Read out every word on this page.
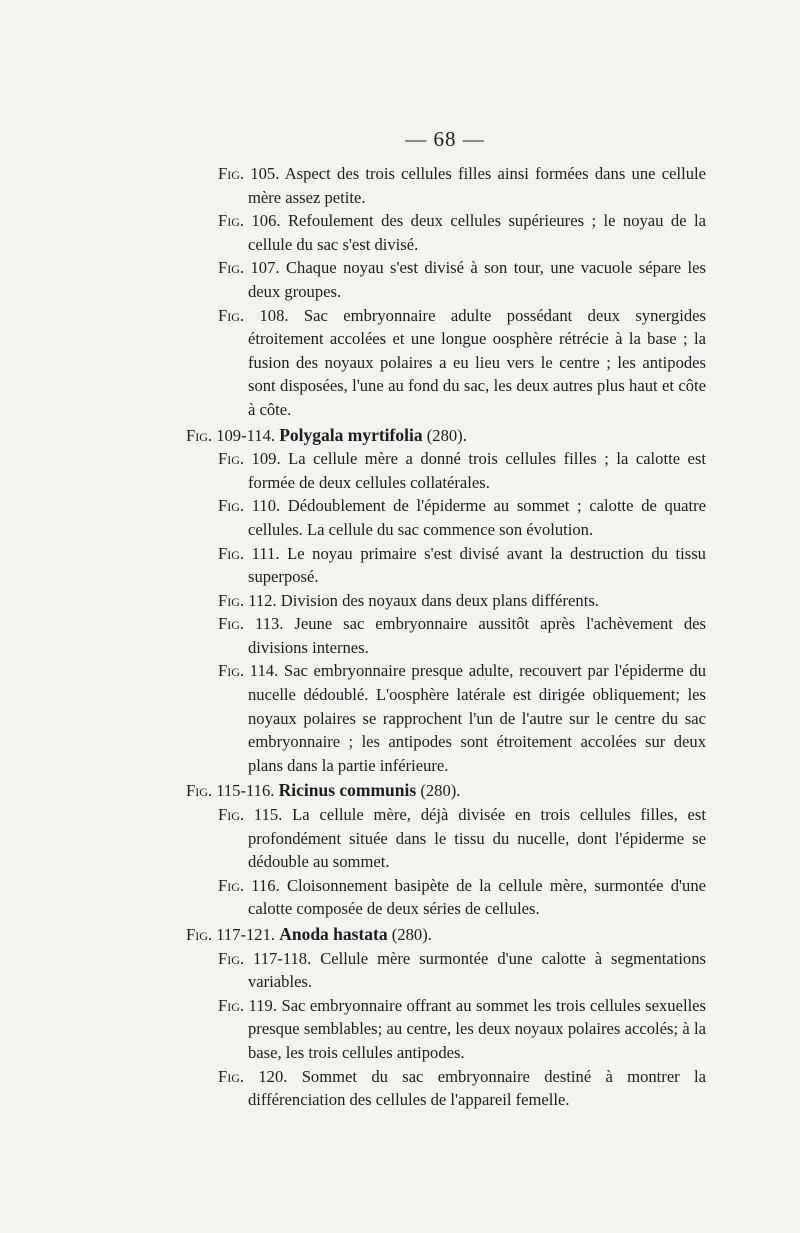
— 68 —
Fig. 105. Aspect des trois cellules filles ainsi formées dans une cellule mère assez petite.
Fig. 106. Refoulement des deux cellules supérieures ; le noyau de la cellule du sac s'est divisé.
Fig. 107. Chaque noyau s'est divisé à son tour, une vacuole sépare les deux groupes.
Fig. 108. Sac embryonnaire adulte possédant deux synergides étroitement accolées et une longue oosphère rétrécie à la base ; la fusion des noyaux polaires a eu lieu vers le centre ; les antipodes sont disposées, l'une au fond du sac, les deux autres plus haut et côte à côte.
Fig. 109-114. Polygala myrtifolia (280).
Fig. 109. La cellule mère a donné trois cellules filles ; la calotte est formée de deux cellules collatérales.
Fig. 110. Dédoublement de l'épiderme au sommet ; calotte de quatre cellules. La cellule du sac commence son évolution.
Fig. 111. Le noyau primaire s'est divisé avant la destruction du tissu superposé.
Fig. 112. Division des noyaux dans deux plans différents.
Fig. 113. Jeune sac embryonnaire aussitôt après l'achèvement des divisions internes.
Fig. 114. Sac embryonnaire presque adulte, recouvert par l'épiderme du nucelle dédoublé. L'oosphère latérale est dirigée obliquement; les noyaux polaires se rapprochent l'un de l'autre sur le centre du sac embryonnaire ; les antipodes sont étroitement accolées sur deux plans dans la partie inférieure.
Fig. 115-116. Ricinus communis (280).
Fig. 115. La cellule mère, déjà divisée en trois cellules filles, est profondément située dans le tissu du nucelle, dont l'épiderme se dédouble au sommet.
Fig. 116. Cloisonnement basipète de la cellule mère, surmontée d'une calotte composée de deux séries de cellules.
Fig. 117-121. Anoda hastata (280).
Fig. 117-118. Cellule mère surmontée d'une calotte à segmentations variables.
Fig. 119. Sac embryonnaire offrant au sommet les trois cellules sexuelles presque semblables; au centre, les deux noyaux polaires accolés; à la base, les trois cellules antipodes.
Fig. 120. Sommet du sac embryonnaire destiné à montrer la différenciation des cellules de l'appareil femelle.
